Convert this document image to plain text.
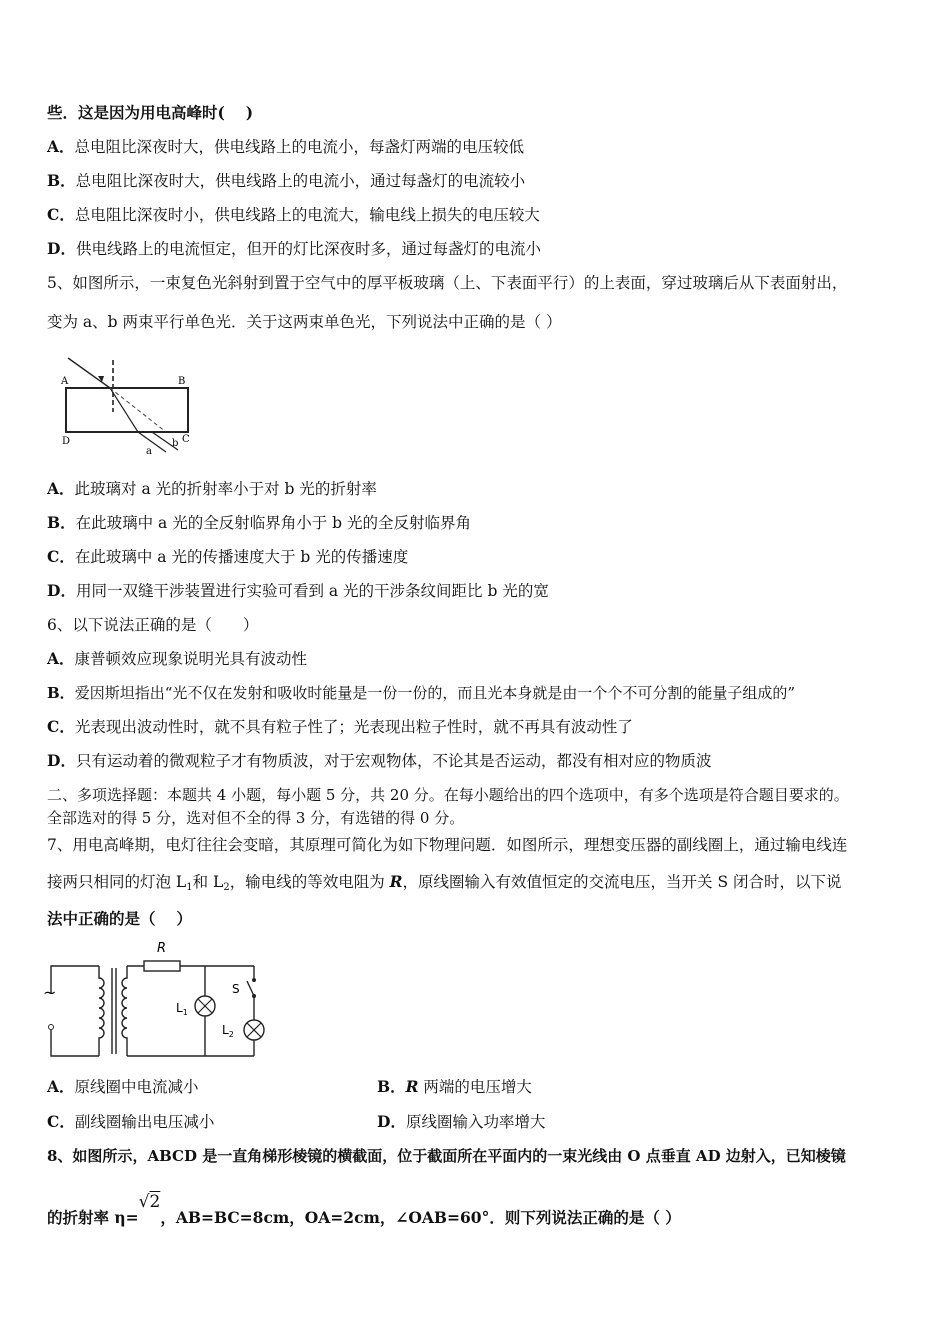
些．这是因为用电高峰时(　 )
A．总电阻比深夜时大，供电线路上的电流小，每盏灯两端的电压较低
B．总电阻比深夜时大，供电线路上的电流小，通过每盏灯的电流较小
C．总电阻比深夜时小，供电线路上的电流大，输电线上损失的电压较大
D．供电线路上的电流恒定，但开的灯比深夜时多，通过每盏灯的电流小
5、如图所示，一束复色光斜射到置于空气中的厚平板玻璃（上、下表面平行）的上表面，穿过玻璃后从下表面射出，
变为 a、b 两束平行单色光．关于这两束单色光，下列说法中正确的是（ ）
A	B
C
D
a
b
A．此玻璃对 a 光的折射率小于对 b 光的折射率
B．在此玻璃中 a 光的全反射临界角小于 b 光的全反射临界角
C．在此玻璃中 a 光的传播速度大于 b 光的传播速度
D．用同一双缝干涉装置进行实验可看到 a 光的干涉条纹间距比 b 光的宽
6、以下说法正确的是（　　）
A．康普顿效应现象说明光具有波动性
B．爱因斯坦指出“光不仅在发射和吸收时能量是一份一份的，而且光本身就是由一个个不可分割的能量子组成的”
C．光表现出波动性时，就不具有粒子性了；光表现出粒子性时，就不再具有波动性了
D．只有运动着的微观粒子才有物质波，对于宏观物体，不论其是否运动，都没有相对应的物质波
二、多项选择题：本题共 4 小题，每小题 5 分，共 20 分。在每小题给出的四个选项中，有多个选项是符合题目要求的。
全部选对的得 5 分，选对但不全的得 3 分，有选错的得 0 分。
7、用电高峰期，电灯往往会变暗，其原理可简化为如下物理问题．如图所示，理想变压器的副线圈上，通过输电线连
接两只相同的灯泡 $L_1$和 $L_2$，输电线的等效电阻为 R，原线圈输入有效值恒定的交流电压，当开关 S 闭合时，以下说
法中正确的是（　 ）
~
R
$L_1$
S
$L_2$
A．原线圈中电流减小	B．R 两端的电压增大
C．副线圈输出电压减小	D．原线圈输入功率增大
8、如图所示，ABCD 是一直角梯形棱镜的横截面，位于截面所在平面内的一束光线由 O 点垂直 AD 边射入，已知棱镜
的折射率 η=√2，AB=BC=8cm，OA=2cm，∠OAB=60°．则下列说法正确的是（ ）
